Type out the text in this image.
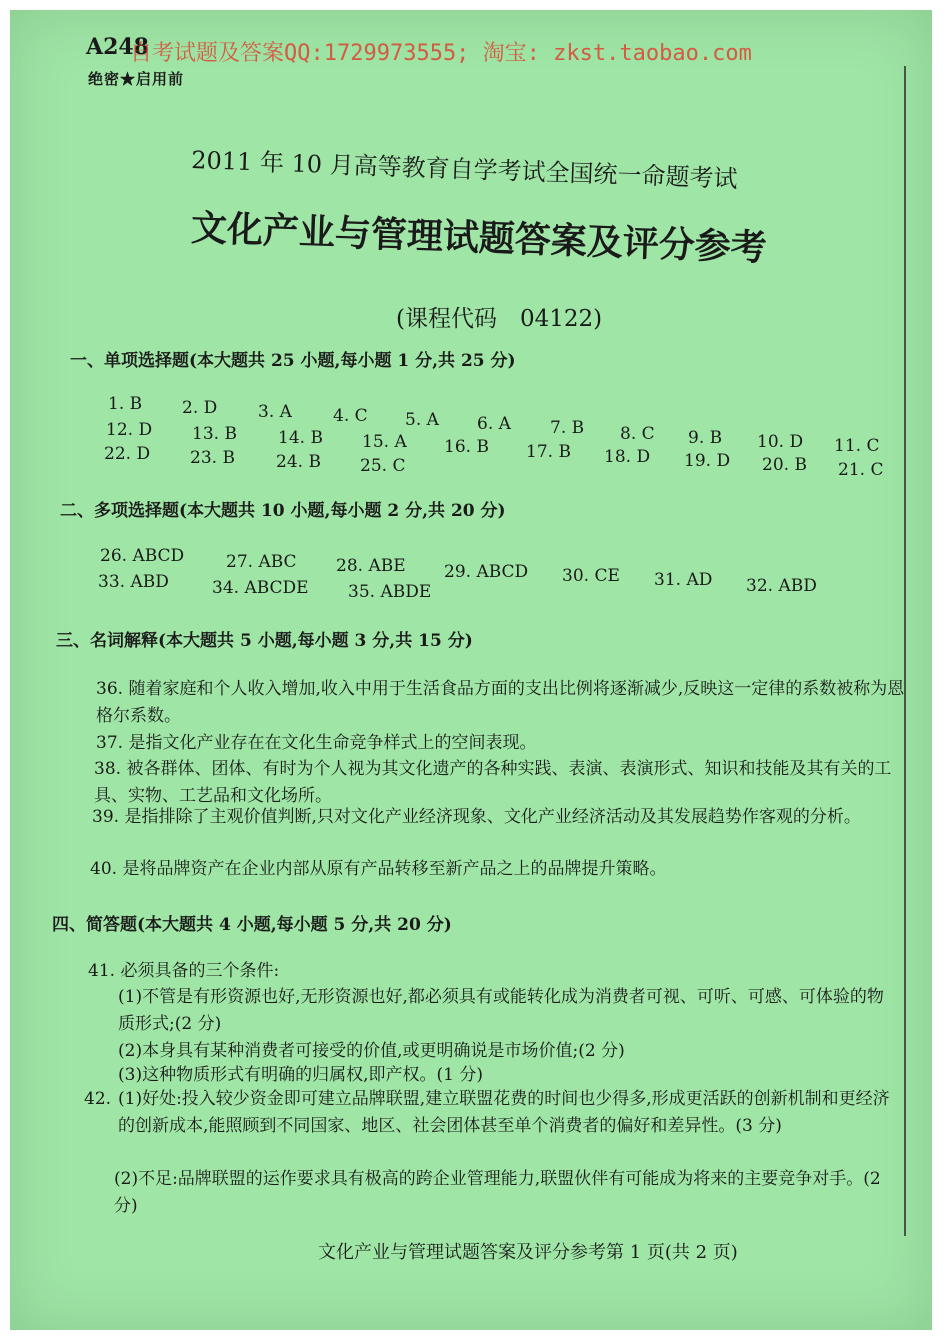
A248
绝密★启用前
自考试题及答案QQ:1729973555; 淘宝: zkst.taobao.com
2011 年 10 月高等教育自学考试全国统一命题考试
文化产业与管理试题答案及评分参考
(课程代码　04122)
一、单项选择题(本大题共 25 小题,每小题 1 分,共 25 分)
1. B 2. D 3. A 4. C 5. A 6. A 7. B 8. C 9. B 10. D 11. C
12. D 13. B 14. B 15. A 16. B 17. B 18. D 19. D 20. B 21. C
22. D 23. B 24. B 25. C
二、多项选择题(本大题共 10 小题,每小题 2 分,共 20 分)
26. ABCD 27. ABC 28. ABE 29. ABCD 30. CE 31. AD 32. ABD
33. ABD	34. ABCDE 35. ABDE
三、名词解释(本大题共 5 小题,每小题 3 分,共 15 分)
36. 随着家庭和个人收入增加,收入中用于生活食品方面的支出比例将逐渐减少,反映这一定律的系数被称为恩格尔系数。
37. 是指文化产业存在在文化生命竞争样式上的空间表现。
38. 被各群体、团体、有时为个人视为其文化遗产的各种实践、表演、表演形式、知识和技能及其有关的工具、实物、工艺品和文化场所。
39. 是指排除了主观价值判断,只对文化产业经济现象、文化产业经济活动及其发展趋势作客观的分析。
40. 是将品牌资产在企业内部从原有产品转移至新产品之上的品牌提升策略。
四、简答题(本大题共 4 小题,每小题 5 分,共 20 分)
41. 必须具备的三个条件:
(1)不管是有形资源也好,无形资源也好,都必须具有或能转化成为消费者可视、可听、可感、可体验的物质形式;(2 分)
(2)本身具有某种消费者可接受的价值,或更明确说是市场价值;(2 分)
(3)这种物质形式有明确的归属权,即产权。(1 分)
42. (1)好处:投入较少资金即可建立品牌联盟,建立联盟花费的时间也少得多,形成更活跃的创新机制和更经济的创新成本,能照顾到不同国家、地区、社会团体甚至单个消费者的偏好和差异性。(3 分)
(2)不足:品牌联盟的运作要求具有极高的跨企业管理能力,联盟伙伴有可能成为将来的主要竞争对手。(2 分)
文化产业与管理试题答案及评分参考第 1 页(共 2 页)
